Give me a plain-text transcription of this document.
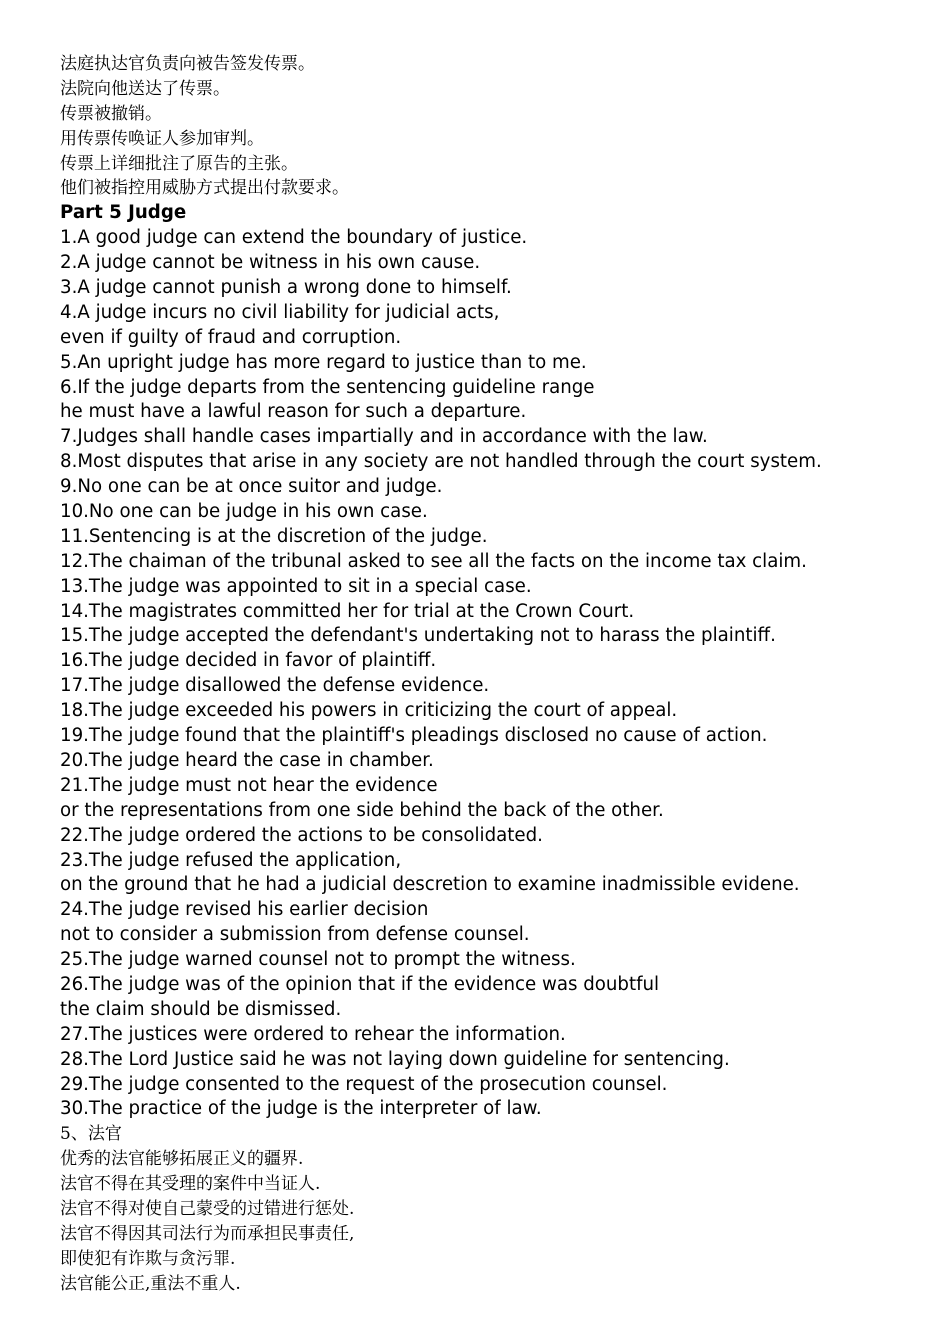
法庭执达官负责向被告签发传票。
法院向他送达了传票。
传票被撤销。
用传票传唤证人参加审判。
传票上详细批注了原告的主张。
他们被指控用威胁方式提出付款要求。
Part 5 Judge
1.A good judge can extend the boundary of justice.
2.A judge cannot be witness in his own cause.
3.A judge cannot punish a wrong done to himself.
4.A judge incurs no civil liability for judicial acts,
even if guilty of fraud and corruption.
5.An upright judge has more regard to justice than to me.
6.If the judge departs from the sentencing guideline range
he must have a lawful reason for such a departure.
7.Judges shall handle cases impartially and in accordance with the law.
8.Most disputes that arise in any society are not handled through the court system.
9.No one can be at once suitor and judge.
10.No one can be judge in his own case.
11.Sentencing is at the discretion of the judge.
12.The chaiman of the tribunal asked to see all the facts on the income tax claim.
13.The judge was appointed to sit in a special case.
14.The magistrates committed her for trial at the Crown Court.
15.The judge accepted the defendant's undertaking not to harass the plaintiff.
16.The judge decided in favor of plaintiff.
17.The judge disallowed the defense evidence.
18.The judge exceeded his powers in criticizing the court of appeal.
19.The judge found that the plaintiff's pleadings disclosed no cause of action.
20.The judge heard the case in chamber.
21.The judge must not hear the evidence
or the representations from one side behind the back of the other.
22.The judge ordered the actions to be consolidated.
23.The judge refused the application,
on the ground that he had a judicial descretion to examine inadmissible evidene.
24.The judge revised his earlier decision
not to consider a submission from defense counsel.
25.The judge warned counsel not to prompt the witness.
26.The judge was of the opinion that if the evidence was doubtful
the claim should be dismissed.
27.The justices were ordered to rehear the information.
28.The Lord Justice said he was not laying down guideline for sentencing.
29.The judge consented to the request of the prosecution counsel.
30.The practice of the judge is the interpreter of law.
5、法官
优秀的法官能够拓展正义的疆界.
法官不得在其受理的案件中当证人.
法官不得对使自己蒙受的过错进行惩处.
法官不得因其司法行为而承担民事责任,
即使犯有诈欺与贪污罪.
法官能公正,重法不重人.
